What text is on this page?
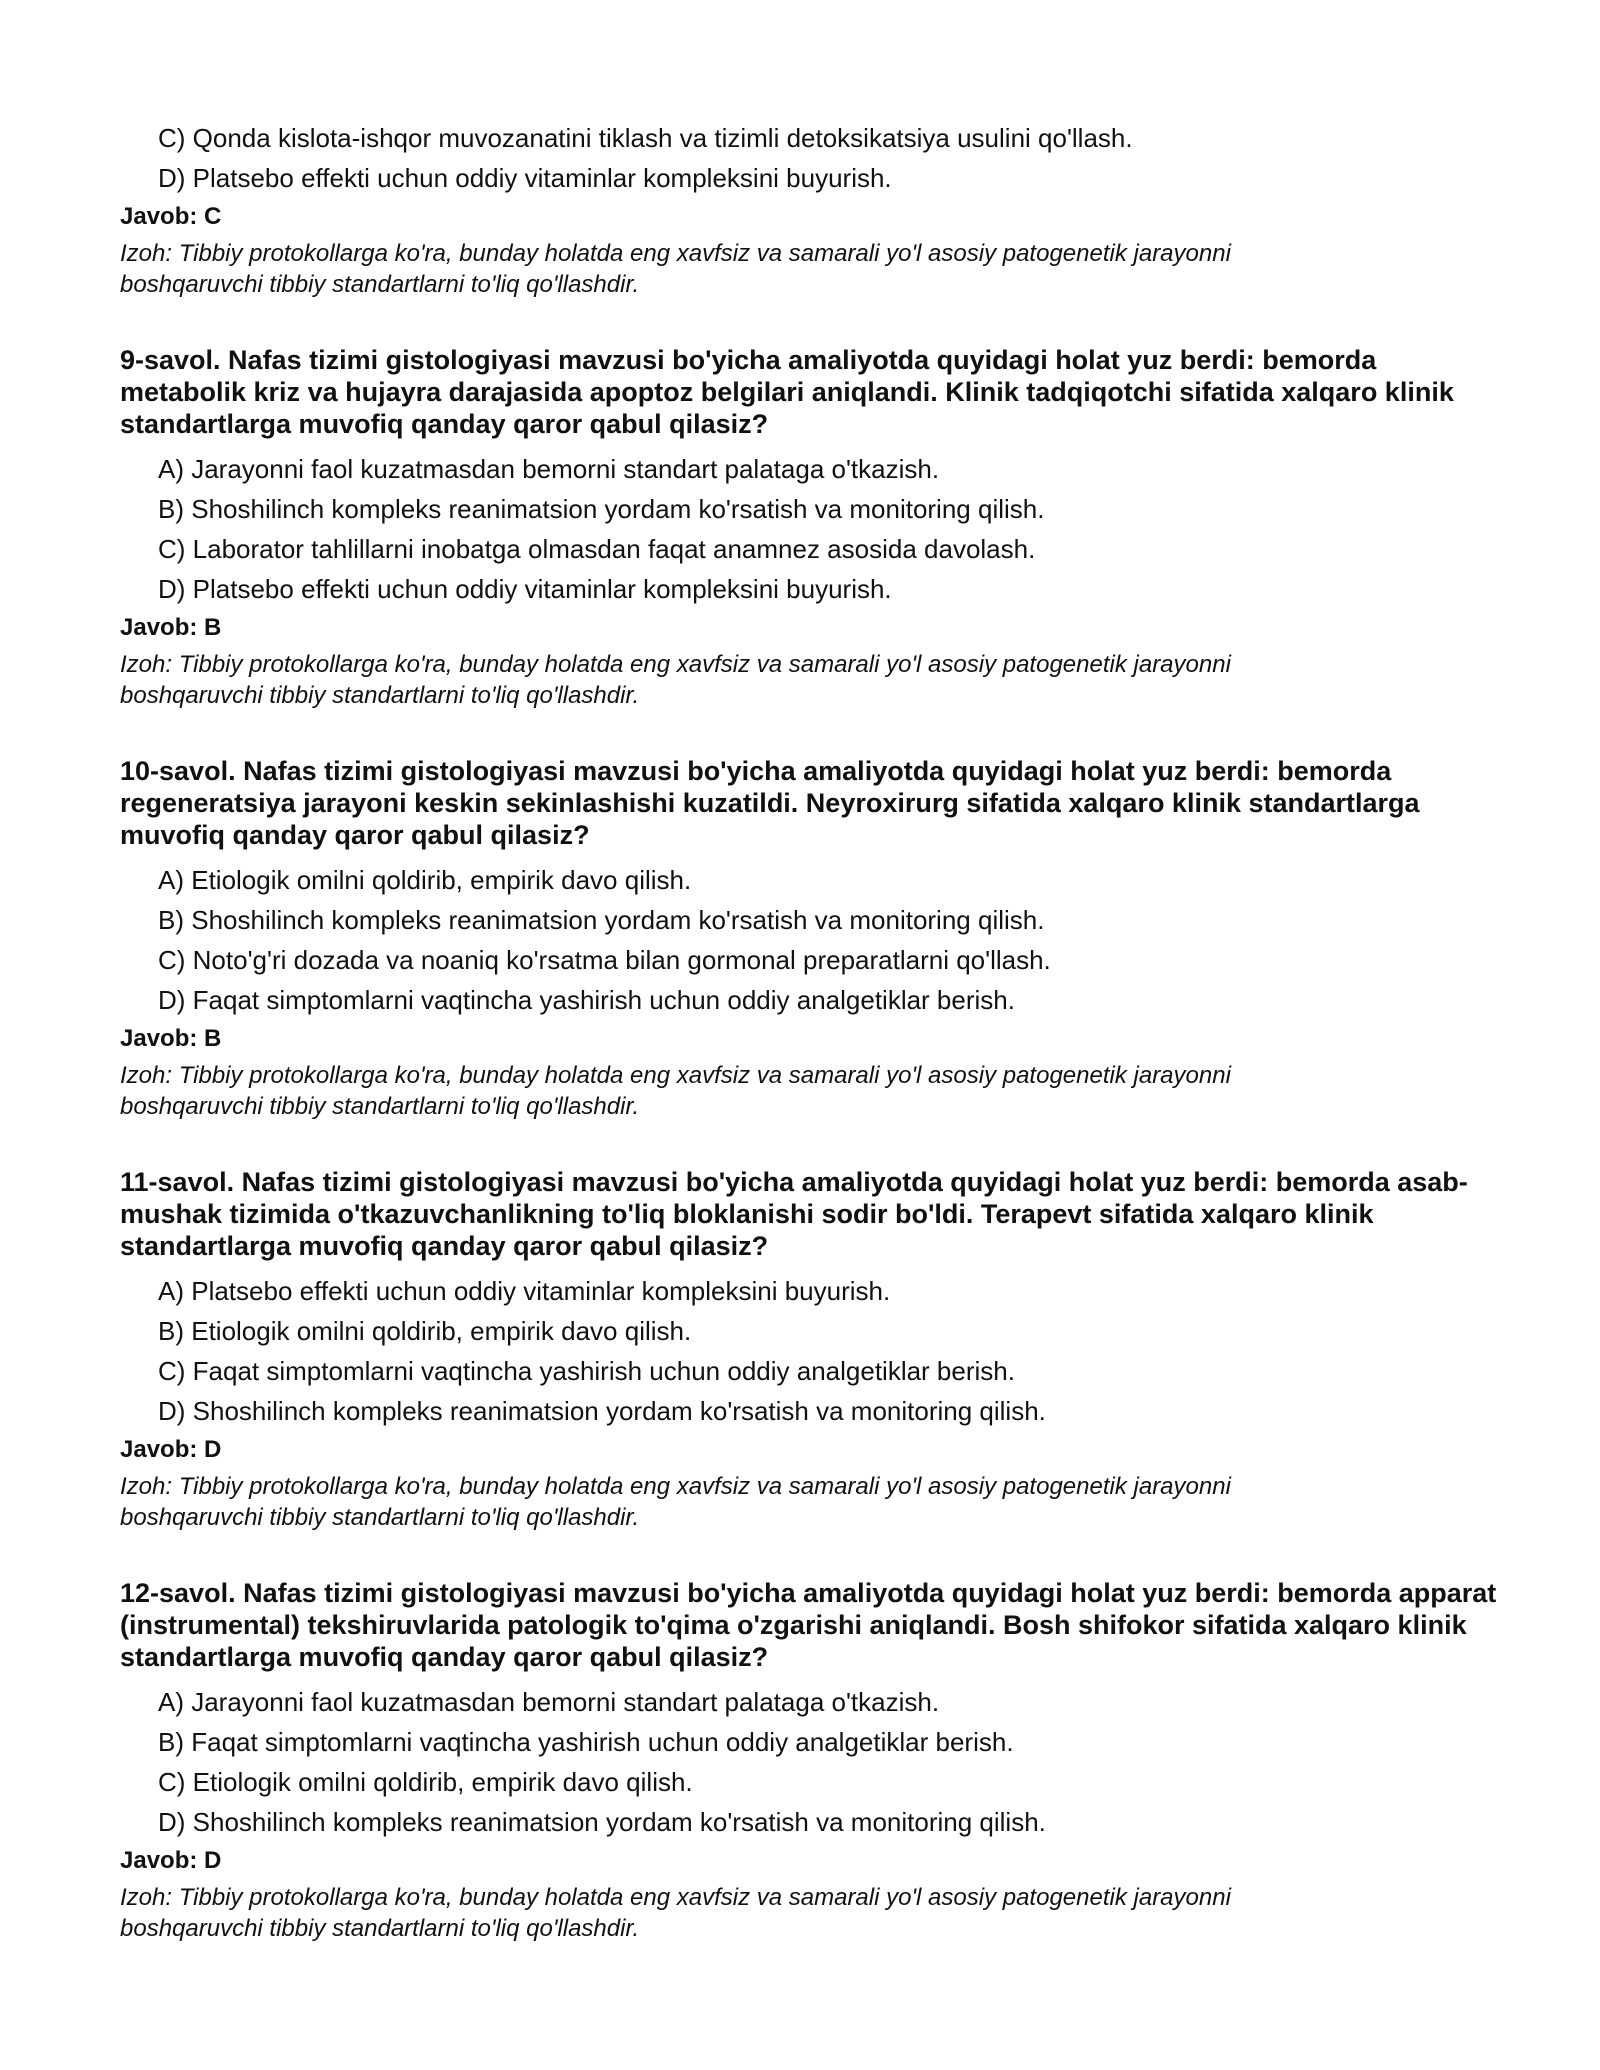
C) Qonda kislota-ishqor muvozanatini tiklash va tizimli detoksikatsiya usulini qo'llash.
D) Platsebo effekti uchun oddiy vitaminlar kompleksini buyurish.
Javob: C
Izoh: Tibbiy protokollarga ko'ra, bunday holatda eng xavfsiz va samarali yo'l asosiy patogenetik jarayonni boshqaruvchi tibbiy standartlarni to'liq qo'llashdir.
9-savol. Nafas tizimi gistologiyasi mavzusi bo'yicha amaliyotda quyidagi holat yuz berdi: bemorda metabolik kriz va hujayra darajasida apoptoz belgilari aniqlandi. Klinik tadqiqotchi sifatida xalqaro klinik standartlarga muvofiq qanday qaror qabul qilasiz?
A) Jarayonni faol kuzatmasdan bemorni standart palataga o'tkazish.
B) Shoshilinch kompleks reanimatsion yordam ko'rsatish va monitoring qilish.
C) Laborator tahlillarni inobatga olmasdan faqat anamnez asosida davolash.
D) Platsebo effekti uchun oddiy vitaminlar kompleksini buyurish.
Javob: B
Izoh: Tibbiy protokollarga ko'ra, bunday holatda eng xavfsiz va samarali yo'l asosiy patogenetik jarayonni boshqaruvchi tibbiy standartlarni to'liq qo'llashdir.
10-savol. Nafas tizimi gistologiyasi mavzusi bo'yicha amaliyotda quyidagi holat yuz berdi: bemorda regeneratsiya jarayoni keskin sekinlashishi kuzatildi. Neyroxirurg sifatida xalqaro klinik standartlarga muvofiq qanday qaror qabul qilasiz?
A) Etiologik omilni qoldirib, empirik davo qilish.
B) Shoshilinch kompleks reanimatsion yordam ko'rsatish va monitoring qilish.
C) Noto'g'ri dozada va noaniq ko'rsatma bilan gormonal preparatlarni qo'llash.
D) Faqat simptomlarni vaqtincha yashirish uchun oddiy analgetiklar berish.
Javob: B
Izoh: Tibbiy protokollarga ko'ra, bunday holatda eng xavfsiz va samarali yo'l asosiy patogenetik jarayonni boshqaruvchi tibbiy standartlarni to'liq qo'llashdir.
11-savol. Nafas tizimi gistologiyasi mavzusi bo'yicha amaliyotda quyidagi holat yuz berdi: bemorda asab-mushak tizimida o'tkazuvchanlikning to'liq bloklanishi sodir bo'ldi. Terapevt sifatida xalqaro klinik standartlarga muvofiq qanday qaror qabul qilasiz?
A) Platsebo effekti uchun oddiy vitaminlar kompleksini buyurish.
B) Etiologik omilni qoldirib, empirik davo qilish.
C) Faqat simptomlarni vaqtincha yashirish uchun oddiy analgetiklar berish.
D) Shoshilinch kompleks reanimatsion yordam ko'rsatish va monitoring qilish.
Javob: D
Izoh: Tibbiy protokollarga ko'ra, bunday holatda eng xavfsiz va samarali yo'l asosiy patogenetik jarayonni boshqaruvchi tibbiy standartlarni to'liq qo'llashdir.
12-savol. Nafas tizimi gistologiyasi mavzusi bo'yicha amaliyotda quyidagi holat yuz berdi: bemorda apparat (instrumental) tekshiruvlarida patologik to'qima o'zgarishi aniqlandi. Bosh shifokor sifatida xalqaro klinik standartlarga muvofiq qanday qaror qabul qilasiz?
A) Jarayonni faol kuzatmasdan bemorni standart palataga o'tkazish.
B) Faqat simptomlarni vaqtincha yashirish uchun oddiy analgetiklar berish.
C) Etiologik omilni qoldirib, empirik davo qilish.
D) Shoshilinch kompleks reanimatsion yordam ko'rsatish va monitoring qilish.
Javob: D
Izoh: Tibbiy protokollarga ko'ra, bunday holatda eng xavfsiz va samarali yo'l asosiy patogenetik jarayonni boshqaruvchi tibbiy standartlarni to'liq qo'llashdir.
